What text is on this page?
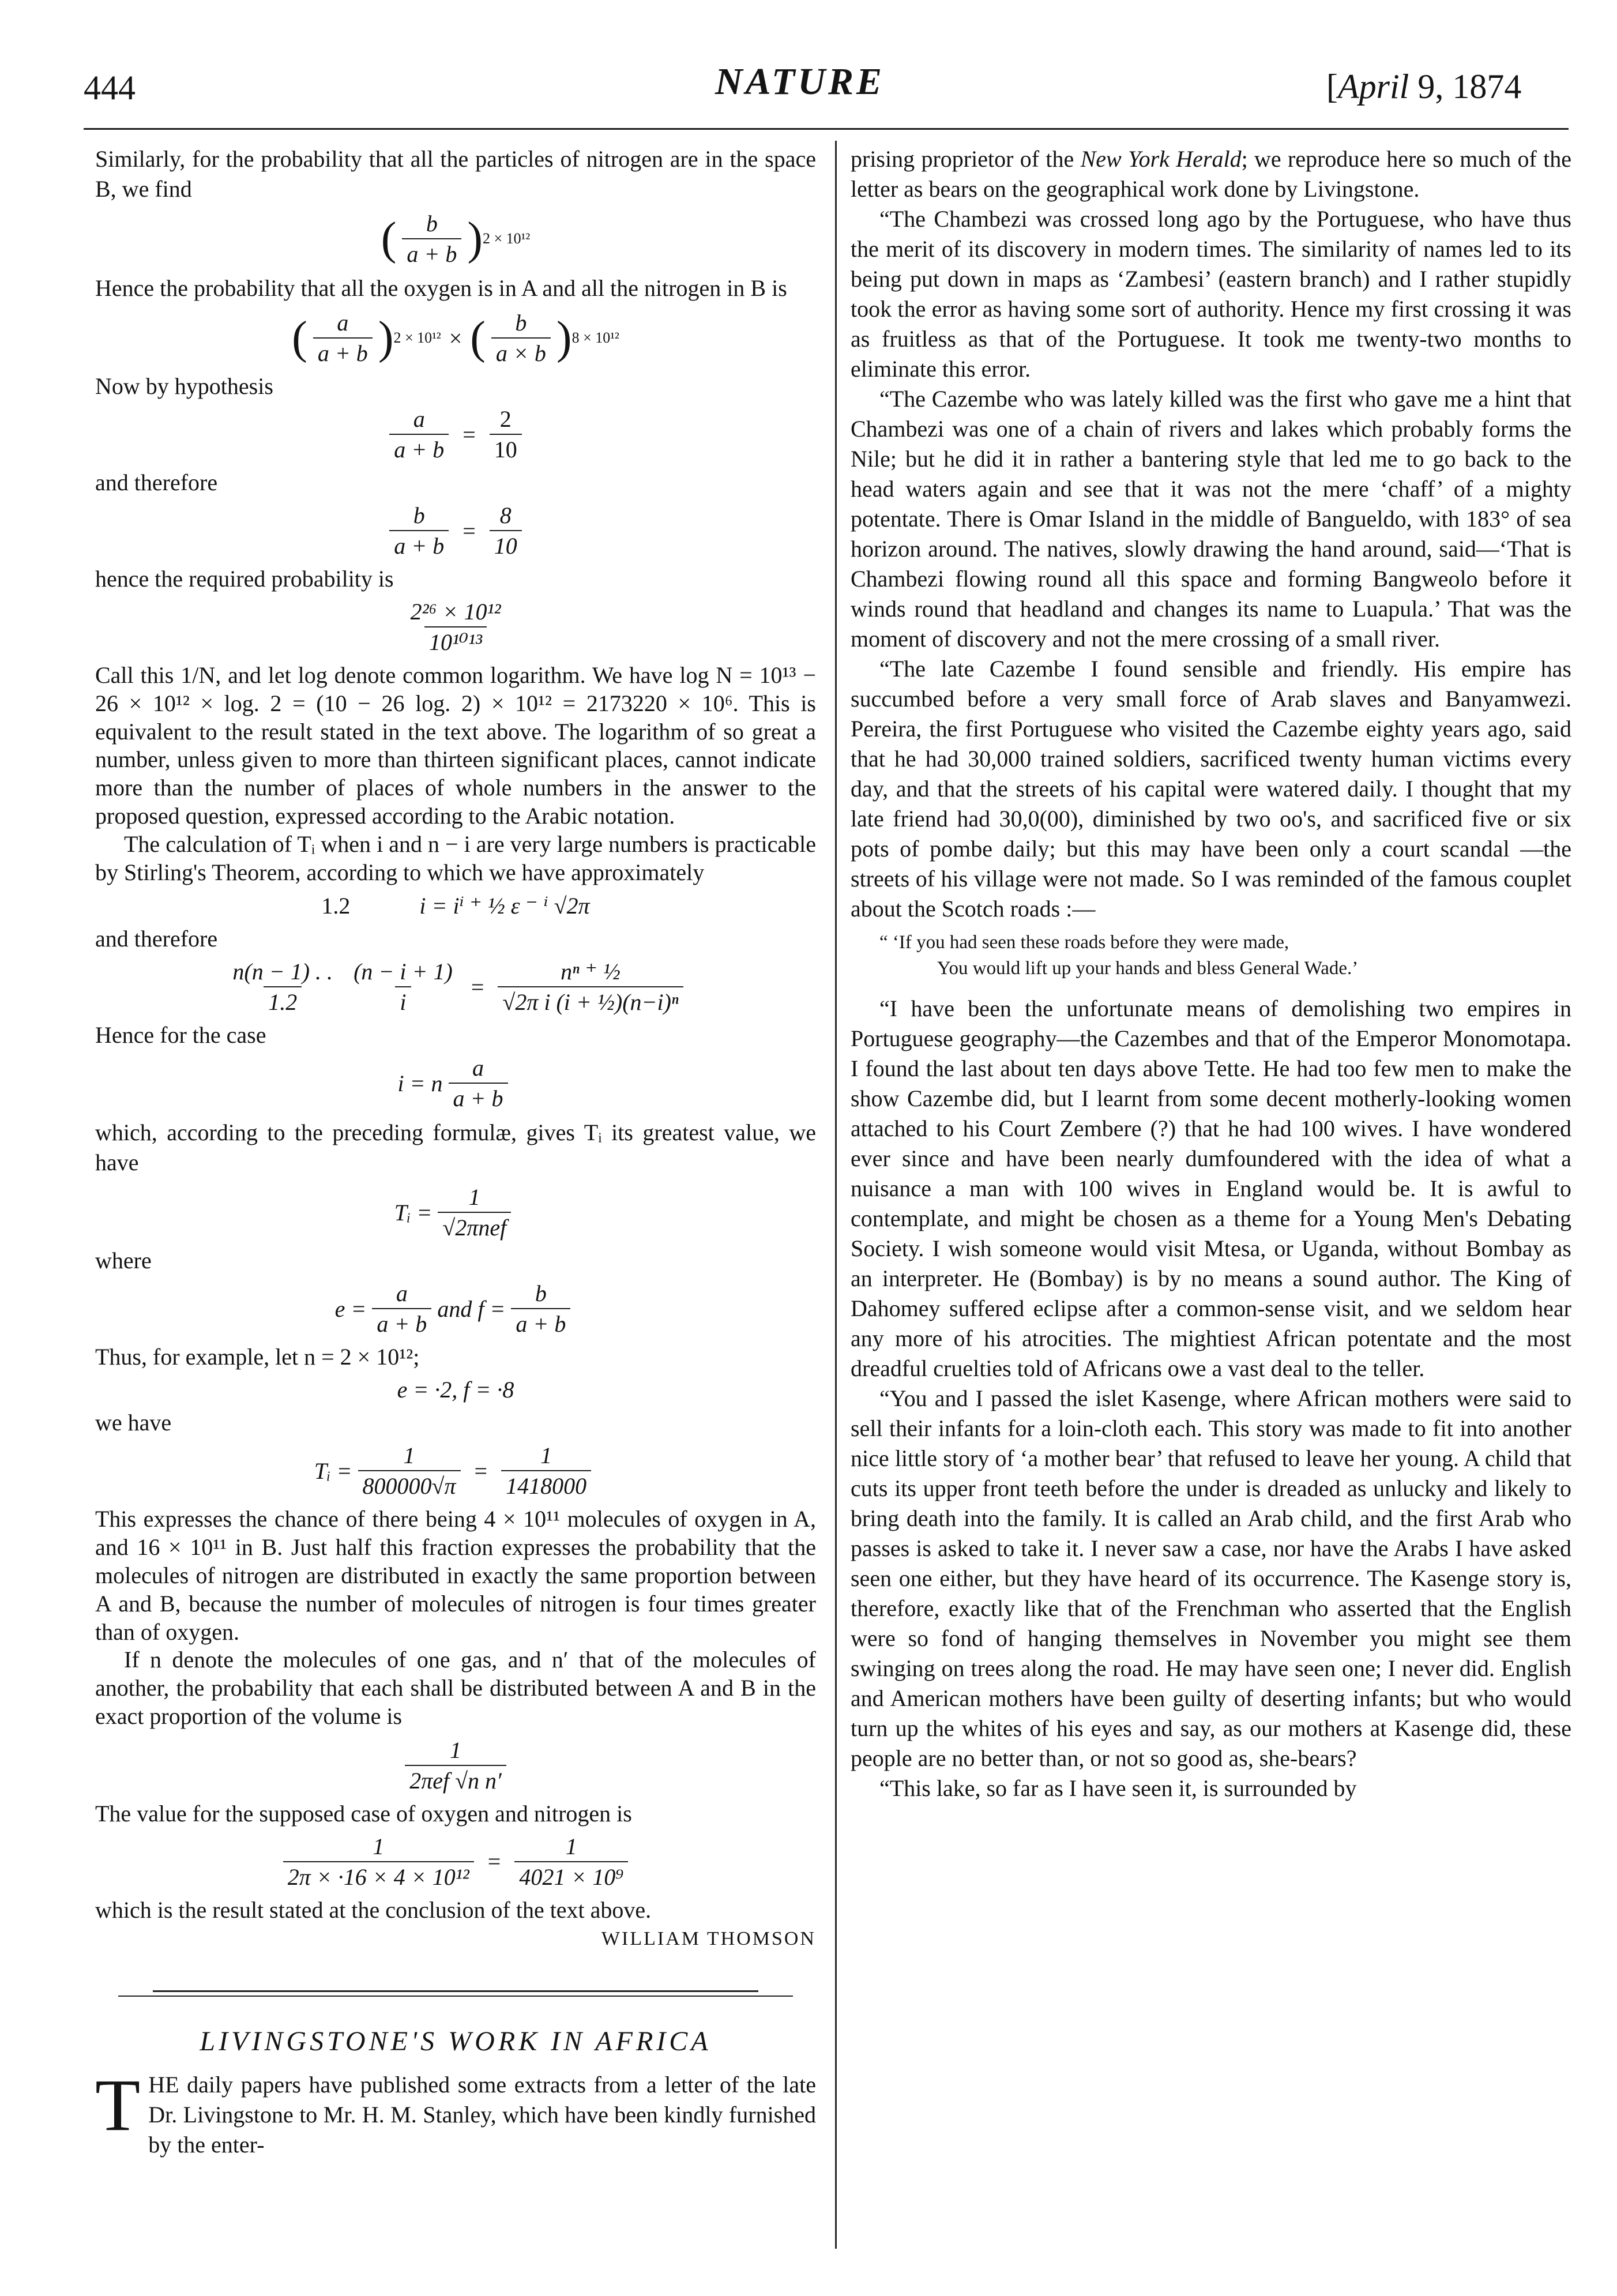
444	NATURE	[April 9, 1874

Similarly, for the probability that all the particles of nitrogen are in the space B, we find

( $\frac{b}{a + b}$ ) 2 × 10¹²

Hence the probability that all the oxygen is in A and all the nitrogen in B is

( $\frac{a}{a + b}$ ) 2 × 10¹² × ( $\frac{b}{a \times b}$ ) 8 × 10¹²
Now by hypothesis
$\frac{a}{a + b} = \frac{2}{10}$
and therefore
$\frac{b}{a + b} = \frac{8}{10}$
hence the required probability is
$\frac{\text{2²⁶ × 10¹²}}{\text{10¹⁰¹³}}$

Call this 1/N, and let log denote common logarithm. We have log N = 10¹³ − 26 × 10¹² × log. 2 = (10 − 26 log. 2) × 10¹² = 2173220 × 10⁶. This is equivalent to the result stated in the text above. The logarithm of so great a number, unless given to more than thirteen significant places, cannot indicate more than the number of places of whole numbers in the answer to the proposed question, expressed according to the Arabic notation.

The calculation of Tᵢ when i and n − i are very large numbers is practicable by Stirling's Theorem, according to which we have approximately

1.2	i = iⁱ ⁺ ½ ε ⁻ ⁱ √2π
and therefore
$\frac{n(n - 1) . .}{1.2} \frac{(n - i + 1)}{i} = \frac{\text{nⁿ ⁺ ½}}{\text{√2π i (i + ½)(n−i)ⁿ}}$
Hence for the case
i = n $\frac{a}{a + b}$

which, according to the preceding formulæ, gives Tᵢ its greatest value, we have

Tᵢ = $\frac{1}{\text{√2πnef}}$
where
$e = \frac{a}{a + b}$ and $f = \frac{b}{a + b}$
Thus, for example, let n = 2 × 10¹²;
e = ·2, f = ·8
we have
Tᵢ = $\frac{1}{800000√\pi} = \frac{1}{1418000}$

This expresses the chance of there being 4 × 10¹¹ molecules of oxygen in A, and 16 × 10¹¹ in B. Just half this fraction expresses the probability that the molecules of nitrogen are distributed in exactly the same proportion between A and B, because the number of molecules of nitrogen is four times greater than of oxygen.

If n denote the molecules of one gas, and n′ that of the molecules of another, the probability that each shall be distributed between A and B in the exact proportion of the volume is

$\frac{1}{\text{2πef √n n′}}$
The value for the supposed case of oxygen and nitrogen is
$\frac{1}{\text{2π × ·16 × 4 × 10¹²}} = \frac{1}{\text{4021 × 10⁹}}$
which is the result stated at the conclusion of the text above.
WILLIAM THOMSON
LIVINGSTONE'S WORK IN AFRICA
T HE daily papers have published some extracts from a letter of the late Dr. Livingstone to Mr. H. M. Stanley, which have been kindly furnished by the enter-

prising proprietor of the New York Herald; we reproduce here so much of the letter as bears on the geographical work done by Livingstone.

“The Chambezi was crossed long ago by the Portuguese, who have thus the merit of its discovery in modern times. The similarity of names led to its being put down in maps as ‘Zambesi’ (eastern branch) and I rather stupidly took the error as having some sort of authority. Hence my first crossing it was as fruitless as that of the Portuguese. It took me twenty-two months to eliminate this error.

“The Cazembe who was lately killed was the first who gave me a hint that Chambezi was one of a chain of rivers and lakes which probably forms the Nile; but he did it in rather a bantering style that led me to go back to the head waters again and see that it was not the mere ‘chaff’ of a mighty potentate. There is Omar Island in the middle of Bangueldo, with 183° of sea horizon around. The natives, slowly drawing the hand around, said—‘That is Chambezi flowing round all this space and forming Bangweolo before it winds round that headland and changes its name to Luapula.’ That was the moment of discovery and not the mere crossing of a small river.

“The late Cazembe I found sensible and friendly. His empire has succumbed before a very small force of Arab slaves and Banyamwezi. Pereira, the first Portuguese who visited the Cazembe eighty years ago, said that he had 30,000 trained soldiers, sacrificed twenty human victims every day, and that the streets of his capital were watered daily. I thought that my late friend had 30,0(00), diminished by two oo's, and sacrificed five or six pots of pombe daily; but this may have been only a court scandal —the streets of his village were not made. So I was reminded of the famous couplet about the Scotch roads :—

“ ‘If you had seen these roads before they were made,
You would lift up your hands and bless General Wade.’

“I have been the unfortunate means of demolishing two empires in Portuguese geography—the Cazembes and that of the Emperor Monomotapa. I found the last about ten days above Tette. He had too few men to make the show Cazembe did, but I learnt from some decent motherly-looking women attached to his Court Zembere (?) that he had 100 wives. I have wondered ever since and have been nearly dumfoundered with the idea of what a nuisance a man with 100 wives in England would be. It is awful to contemplate, and might be chosen as a theme for a Young Men's Debating Society. I wish someone would visit Mtesa, or Uganda, without Bombay as an interpreter. He (Bombay) is by no means a sound author. The King of Dahomey suffered eclipse after a common-sense visit, and we seldom hear any more of his atrocities. The mightiest African potentate and the most dreadful cruelties told of Africans owe a vast deal to the teller.

“You and I passed the islet Kasenge, where African mothers were said to sell their infants for a loin-cloth each. This story was made to fit into another nice little story of ‘a mother bear’ that refused to leave her young. A child that cuts its upper front teeth before the under is dreaded as unlucky and likely to bring death into the family. It is called an Arab child, and the first Arab who passes is asked to take it. I never saw a case, nor have the Arabs I have asked seen one either, but they have heard of its occurrence. The Kasenge story is, therefore, exactly like that of the Frenchman who asserted that the English were so fond of hanging themselves in November you might see them swinging on trees along the road. He may have seen one; I never did. English and American mothers have been guilty of deserting infants; but who would turn up the whites of his eyes and say, as our mothers at Kasenge did, these people are no better than, or not so good as, she-bears?

“This lake, so far as I have seen it, is surrounded by
